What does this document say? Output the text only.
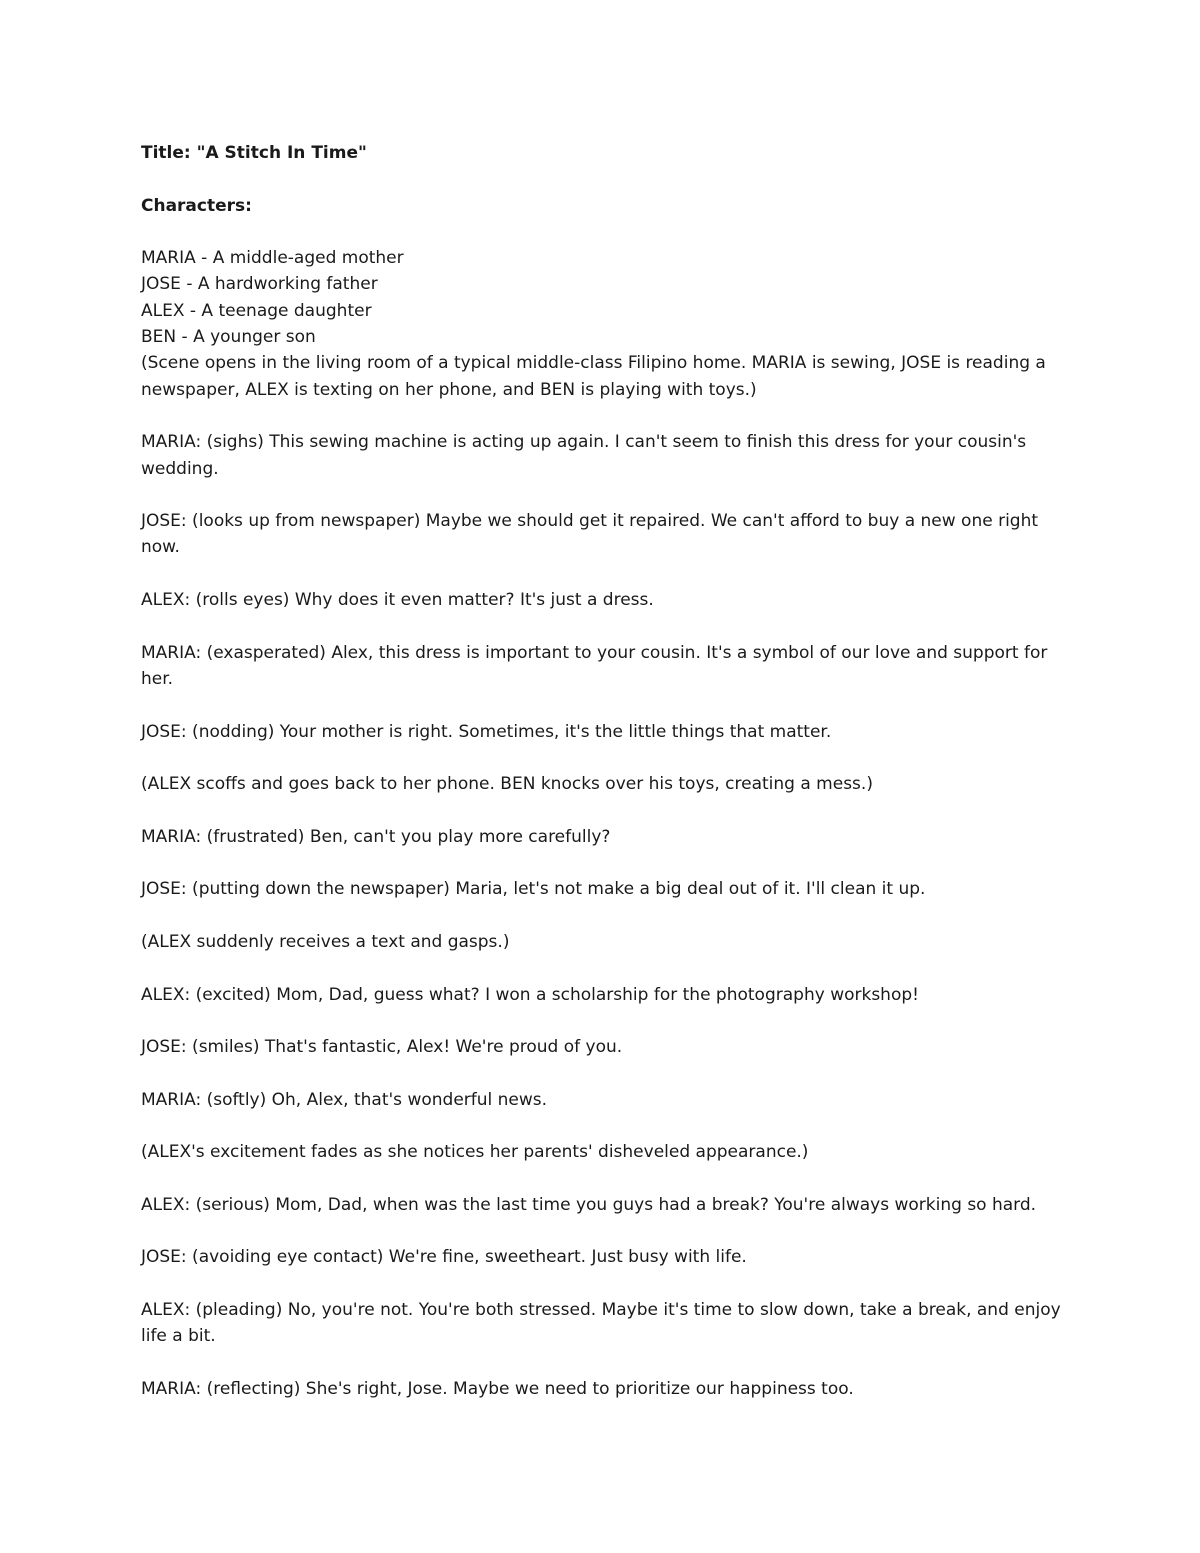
Title: "A Stitch In Time"

Characters:

MARIA - A middle-aged mother

JOSE - A hardworking father

ALEX - A teenage daughter

BEN - A younger son

(Scene opens in the living room of a typical middle-class Filipino home. MARIA is sewing, JOSE is reading a newspaper, ALEX is texting on her phone, and BEN is playing with toys.)

MARIA: (sighs) This sewing machine is acting up again. I can't seem to finish this dress for your cousin's wedding.

JOSE: (looks up from newspaper) Maybe we should get it repaired. We can't afford to buy a new one right now.

ALEX: (rolls eyes) Why does it even matter? It's just a dress.

MARIA: (exasperated) Alex, this dress is important to your cousin. It's a symbol of our love and support for her.

JOSE: (nodding) Your mother is right. Sometimes, it's the little things that matter.

(ALEX scoffs and goes back to her phone. BEN knocks over his toys, creating a mess.)

MARIA: (frustrated) Ben, can't you play more carefully?

JOSE: (putting down the newspaper) Maria, let's not make a big deal out of it. I'll clean it up.

(ALEX suddenly receives a text and gasps.)

ALEX: (excited) Mom, Dad, guess what? I won a scholarship for the photography workshop!

JOSE: (smiles) That's fantastic, Alex! We're proud of you.

MARIA: (softly) Oh, Alex, that's wonderful news.

(ALEX's excitement fades as she notices her parents' disheveled appearance.)

ALEX: (serious) Mom, Dad, when was the last time you guys had a break? You're always working so hard.

JOSE: (avoiding eye contact) We're fine, sweetheart. Just busy with life.

ALEX: (pleading) No, you're not. You're both stressed. Maybe it's time to slow down, take a break, and enjoy life a bit.

MARIA: (reflecting) She's right, Jose. Maybe we need to prioritize our happiness too.
